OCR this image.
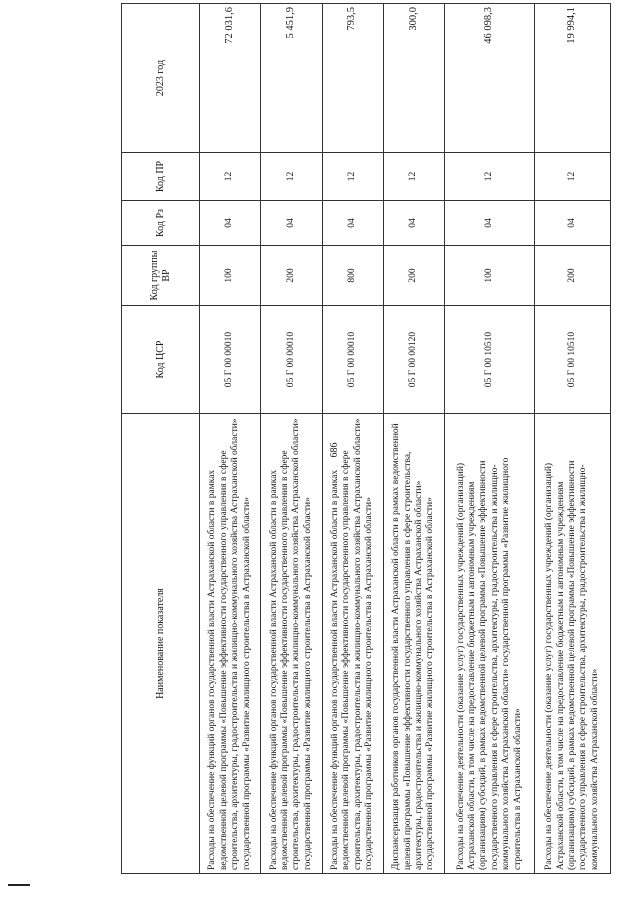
686
Наименование показателя	Код ЦСР	Код группы ВР	Код Рз	Код ПР	2023 год
Расходы на обеспечение функций органов государственной власти Астраханской области в рамках ведомственной целевой программы «Повышение эффективности государственного управления в сфере строительства, архитектуры, градостроительства и жилищно-коммунального хозяйства Астраханской области» государственной программы «Развитие жилищного строительства в Астраханской области»	05 Г 00 00010	100	04	12	72 031,6
Расходы на обеспечение функций органов государственной власти Астраханской области в рамках ведомственной целевой программы «Повышение эффективности государственного управления в сфере строительства, архитектуры, градостроительства и жилищно-коммунального хозяйства Астраханской области» государственной программы «Развитие жилищного строительства в Астраханской области»	05 Г 00 00010	200	04	12	5 451,9
Расходы на обеспечение функций органов государственной власти Астраханской области в рамках ведомственной целевой программы «Повышение эффективности государственного управления в сфере строительства, архитектуры, градостроительства и жилищно-коммунального хозяйства Астраханской области» государственной программы «Развитие жилищного строительства в Астраханской области»	05 Г 00 00010	800	04	12	793,5
Диспансеризация работников органов государственной власти Астраханской области в рамках ведомственной целевой программы «Повышение эффективности государственного управления в сфере строительства, архитектуры, градостроительства и жилищно-коммунального хозяйства Астраханской области» государственной программы «Развитие жилищного строительства в Астраханской области»	05 Г 00 00120	200	04	12	300,0
Расходы на обеспечение деятельности (оказание услуг) государственных учреждений (организаций) Астраханской области, в том числе на предоставление бюджетным и автономным учреждениям (организациям) субсидий, в рамках ведомственной целевой программы «Повышение эффективности государственного управления в сфере строительства, архитектуры, градостроительства и жилищно-коммунального хозяйства Астраханской области» государственной программы «Развитие жилищного строительства в Астраханской области»	05 Г 00 10510	100	04	12	46 098,3
Расходы на обеспечение деятельности (оказание услуг) государственных учреждений (организаций) Астраханской области, в том числе на предоставление бюджетным и автономным учреждениям (организациям) субсидий, в рамках ведомственной целевой программы «Повышение эффективности государственного управления в сфере строительства, архитектуры, градостроительства и жилищно-коммунального хозяйства Астраханской области»	05 Г 00 10510	200	04	12	19 994,1
